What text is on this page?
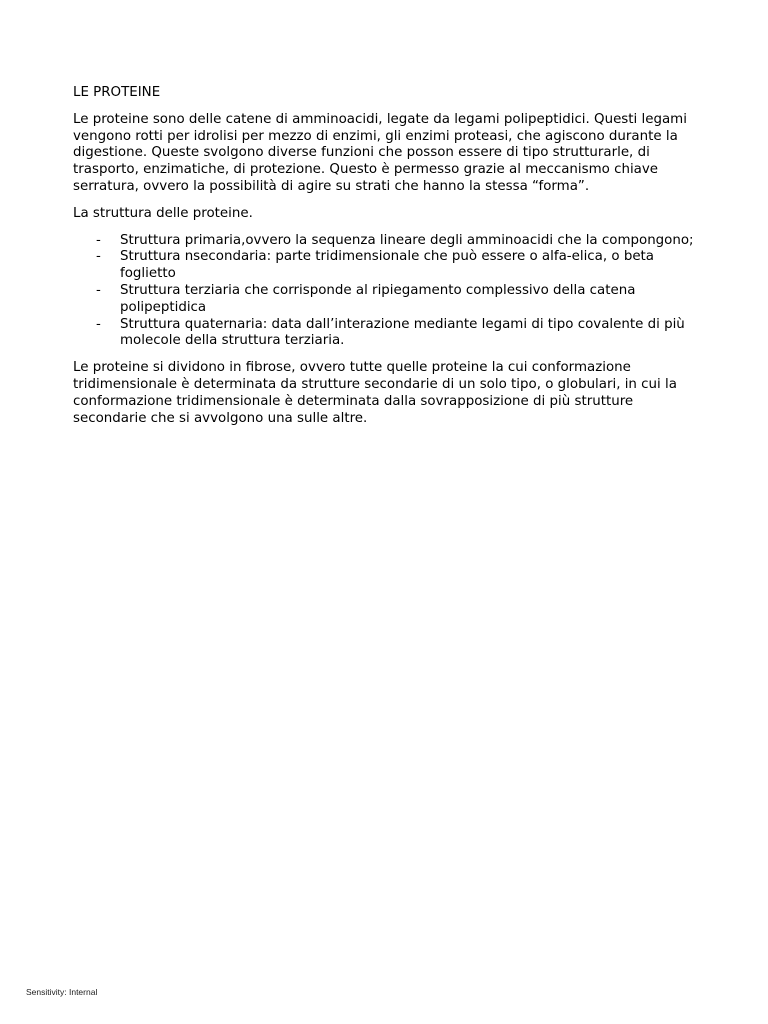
LE PROTEINE

Le proteine sono delle catene di amminoacidi, legate da legami polipeptidici. Questi legami vengono rotti per idrolisi per mezzo di enzimi, gli enzimi proteasi, che agiscono durante la digestione. Queste svolgono diverse funzioni che posson essere di tipo strutturarle, di trasporto, enzimatiche, di protezione. Questo è permesso grazie al meccanismo chiave serratura, ovvero la possibilità di agire su strati che hanno la stessa “forma”.

La struttura delle proteine.

- Struttura primaria,ovvero la sequenza lineare degli amminoacidi che la compongono;
- Struttura nsecondaria: parte tridimensionale che può essere o alfa-elica, o beta foglietto
- Struttura terziaria che corrisponde al ripiegamento complessivo della catena polipeptidica
- Struttura quaternaria: data dall’interazione mediante legami di tipo covalente di più molecole della struttura terziaria.

Le proteine si dividono in fibrose, ovvero tutte quelle proteine la cui conformazione tridimensionale è determinata da strutture secondarie di un solo tipo, o globulari, in cui la conformazione tridimensionale è determinata dalla sovrapposizione di più strutture secondarie che si avvolgono una sulle altre.

Sensitivity: Internal
